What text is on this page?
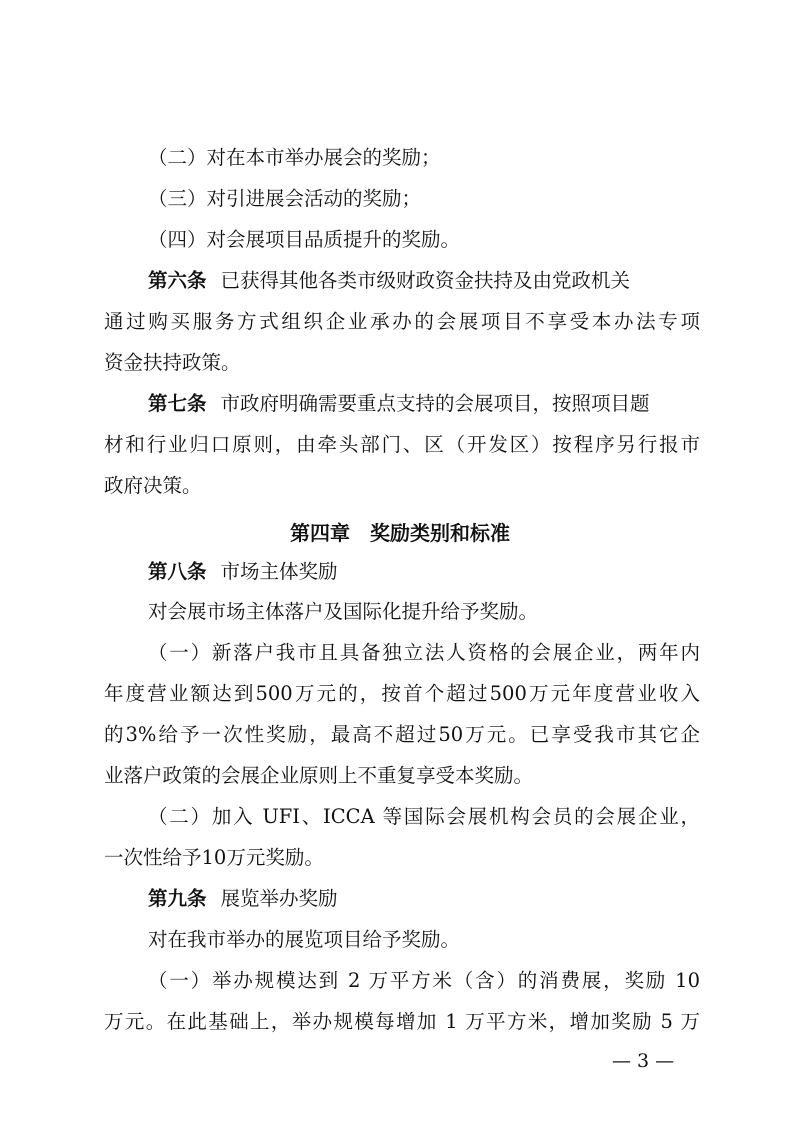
（二）对在本市举办展会的奖励；
（三）对引进展会活动的奖励；
（四）对会展项目品质提升的奖励。
第六条 已获得其他各类市级财政资金扶持及由党政机关
通过购买服务方式组织企业承办的会展项目不享受本办法专项
资金扶持政策。
第七条 市政府明确需要重点支持的会展项目，按照项目题
材和行业归口原则，由牵头部门、区（开发区）按程序另行报市
政府决策。
第四章　奖励类别和标准
第八条 市场主体奖励
对会展市场主体落户及国际化提升给予奖励。
（一）新落户我市且具备独立法人资格的会展企业，两年内
年度营业额达到500万元的，按首个超过500万元年度营业收入
的3%给予一次性奖励，最高不超过50万元。已享受我市其它企
业落户政策的会展企业原则上不重复享受本奖励。
（二）加入 UFI、ICCA 等国际会展机构会员的会展企业，
一次性给予10万元奖励。
第九条 展览举办奖励
对在我市举办的展览项目给予奖励。
（一）举办规模达到 2 万平方米（含）的消费展，奖励 10
万元。在此基础上，举办规模每增加 1 万平方米，增加奖励 5 万
— 3 —
